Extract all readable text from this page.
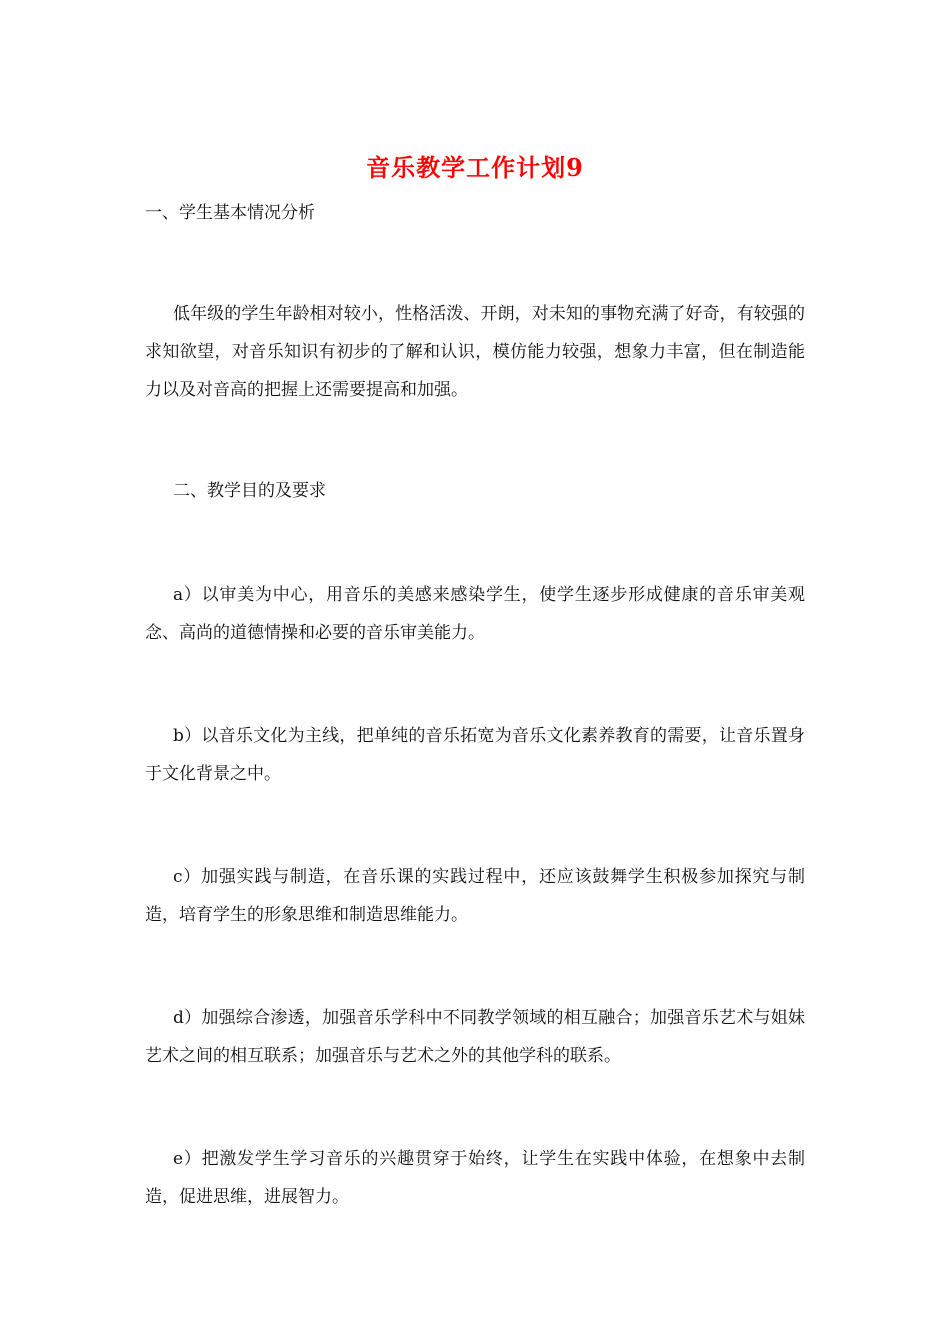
音乐教学工作计划9

一、学生基本情况分析

低年级的学生年龄相对较小，性格活泼、开朗，对未知的事物充满了好奇，有较强的求知欲望，对音乐知识有初步的了解和认识，模仿能力较强，想象力丰富，但在制造能力以及对音高的把握上还需要提高和加强。

二、教学目的及要求

a）以审美为中心，用音乐的美感来感染学生，使学生逐步形成健康的音乐审美观念、高尚的道德情操和必要的音乐审美能力。

b）以音乐文化为主线，把单纯的音乐拓宽为音乐文化素养教育的需要，让音乐置身于文化背景之中。

c）加强实践与制造，在音乐课的实践过程中，还应该鼓舞学生积极参加探究与制造，培育学生的形象思维和制造思维能力。

d）加强综合渗透，加强音乐学科中不同教学领域的相互融合；加强音乐艺术与姐妹艺术之间的相互联系；加强音乐与艺术之外的其他学科的联系。

e）把激发学生学习音乐的兴趣贯穿于始终，让学生在实践中体验，在想象中去制造，促进思维，进展智力。
